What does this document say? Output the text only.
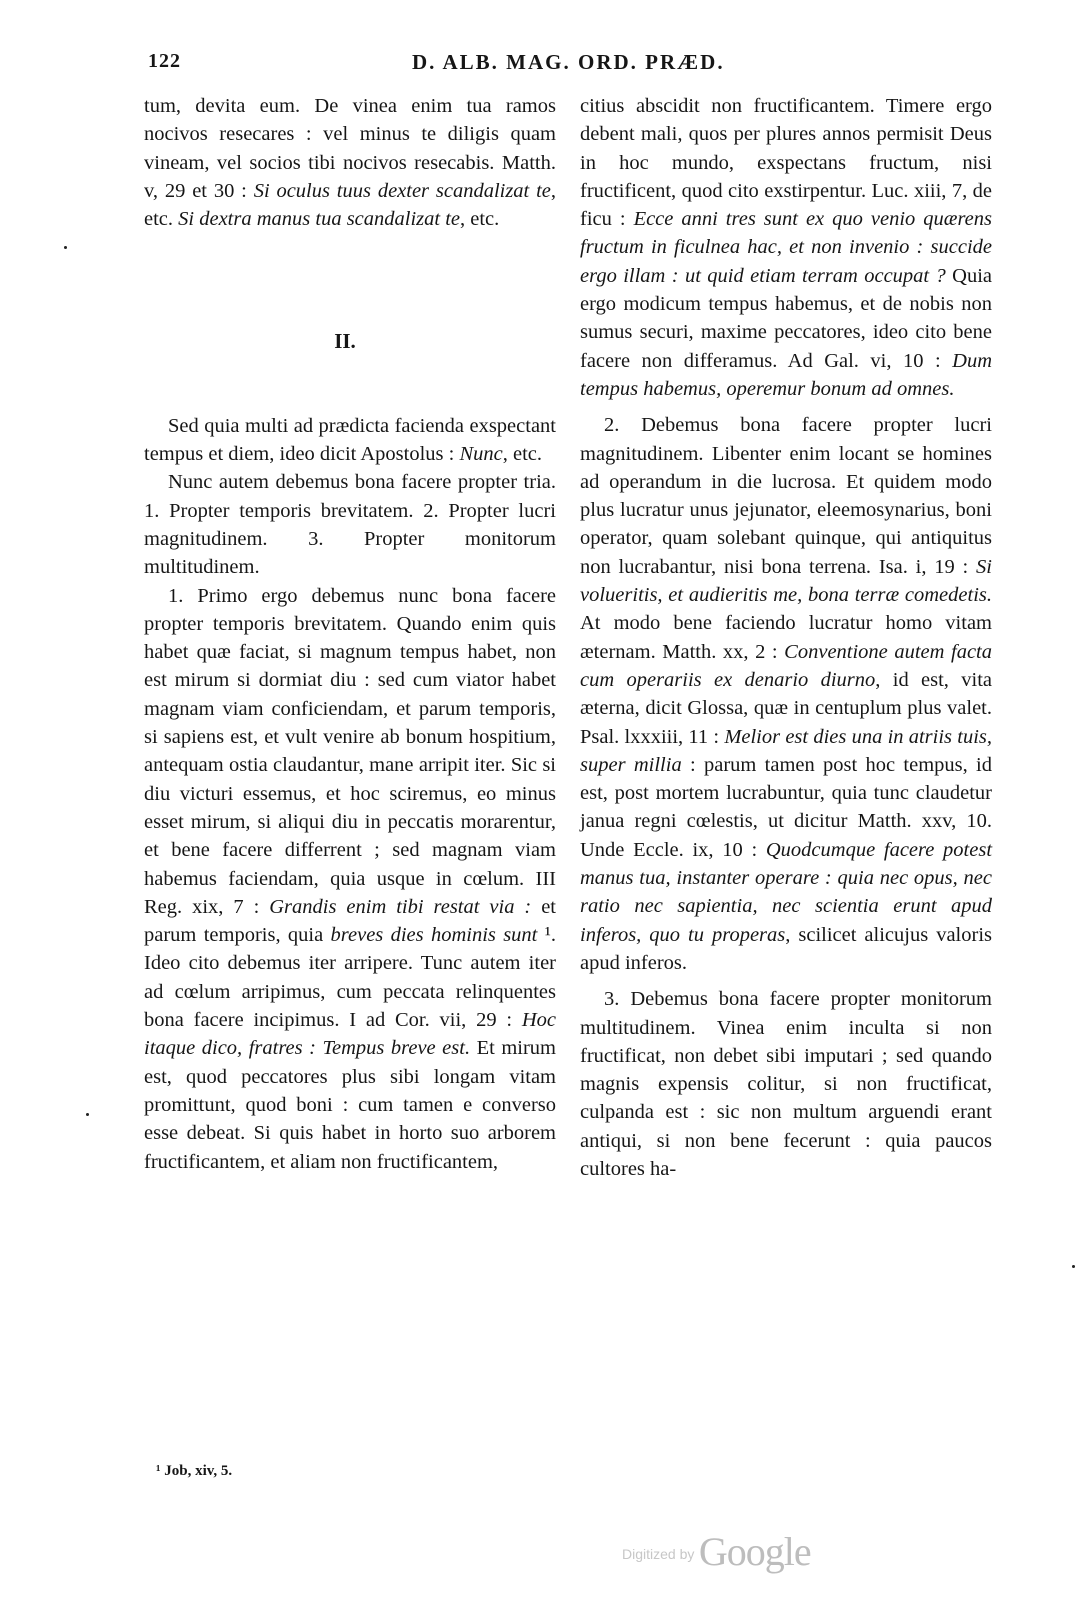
122	D. ALB. MAG. ORD. PRÆD.

tum, devita eum. De vinea enim tua ramos nocivos resecares : vel minus te diligis quam vineam, vel socios tibi nocivos resecabis. Matth. v, 29 et 30 : Si oculus tuus dexter scandalizat te, etc. Si dextra manus tua scandalizat te, etc.

II.

Sed quia multi ad prædicta facienda exspectant tempus et diem, ideo dicit Apostolus : Nunc, etc.

Nunc autem debemus bona facere propter tria. 1. Propter temporis brevitatem. 2. Propter lucri magnitudinem. 3. Propter monitorum multitudinem.

1. Primo ergo debemus nunc bona facere propter temporis brevitatem. Quando enim quis habet quæ faciat, si magnum tempus habet, non est mirum si dormiat diu : sed cum viator habet magnam viam conficiendam, et parum temporis, si sapiens est, et vult venire ab bonum hospitium, antequam ostia claudantur, mane arripit iter. Sic si diu victuri essemus, et hoc sciremus, eo minus esset mirum, si aliqui diu in peccatis morarentur, et bene facere differrent ; sed magnam viam habemus faciendam, quia usque in cœlum. III Reg. xix, 7 : Grandis enim tibi restat via : et parum temporis, quia breves dies hominis sunt ¹. Ideo cito debemus iter arripere. Tunc autem iter ad cœlum arripimus, cum peccata relinquentes bona facere incipimus. I ad Cor. vii, 29 : Hoc itaque dico, fratres : Tempus breve est. Et mirum est, quod peccatores plus sibi longam vitam promittunt, quod boni : cum tamen e converso esse debeat. Si quis habet in horto suo arborem fructificantem, et aliam non fructificantem,

citius abscidit non fructificantem. Timere ergo debent mali, quos per plures annos permisit Deus in hoc mundo, exspectans fructum, nisi fructificent, quod cito exstirpentur. Luc. xiii, 7, de ficu : Ecce anni tres sunt ex quo venio quærens fructum in ficulnea hac, et non invenio : succide ergo illam : ut quid etiam terram occupat ? Quia ergo modicum tempus habemus, et de nobis non sumus securi, maxime peccatores, ideo cito bene facere non differamus. Ad Gal. vi, 10 : Dum tempus habemus, operemur bonum ad omnes.

2. Debemus bona facere propter lucri magnitudinem. Libenter enim locant se homines ad operandum in die lucrosa. Et quidem modo plus lucratur unus jejunator, eleemosynarius, boni operator, quam solebant quinque, qui antiquitus non lucrabantur, nisi bona terrena. Isa. i, 19 : Si volueritis, et audieritis me, bona terræ comedetis. At modo bene faciendo lucratur homo vitam æternam. Matth. xx, 2 : Conventione autem facta cum operariis ex denario diurno, id est, vita æterna, dicit Glossa, quæ in centuplum plus valet. Psal. lxxxiii, 11 : Melior est dies una in atriis tuis, super millia : parum tamen post hoc tempus, id est, post mortem lucrabuntur, quia tunc claudetur janua regni cœlestis, ut dicitur Matth. xxv, 10. Unde Eccle. ix, 10 : Quodcumque facere potest manus tua, instanter operare : quia nec opus, nec ratio nec sapientia, nec scientia erunt apud inferos, quo tu properas, scilicet alicujus valoris apud inferos.

3. Debemus bona facere propter monitorum multitudinem. Vinea enim inculta si non fructificat, non debet sibi imputari ; sed quando magnis expensis colitur, si non fructificat, culpanda est : sic non multum arguendi erant antiqui, si non bene fecerunt : quia paucos cultores ha-

¹ Job, xiv, 5.
Digitized by Google
